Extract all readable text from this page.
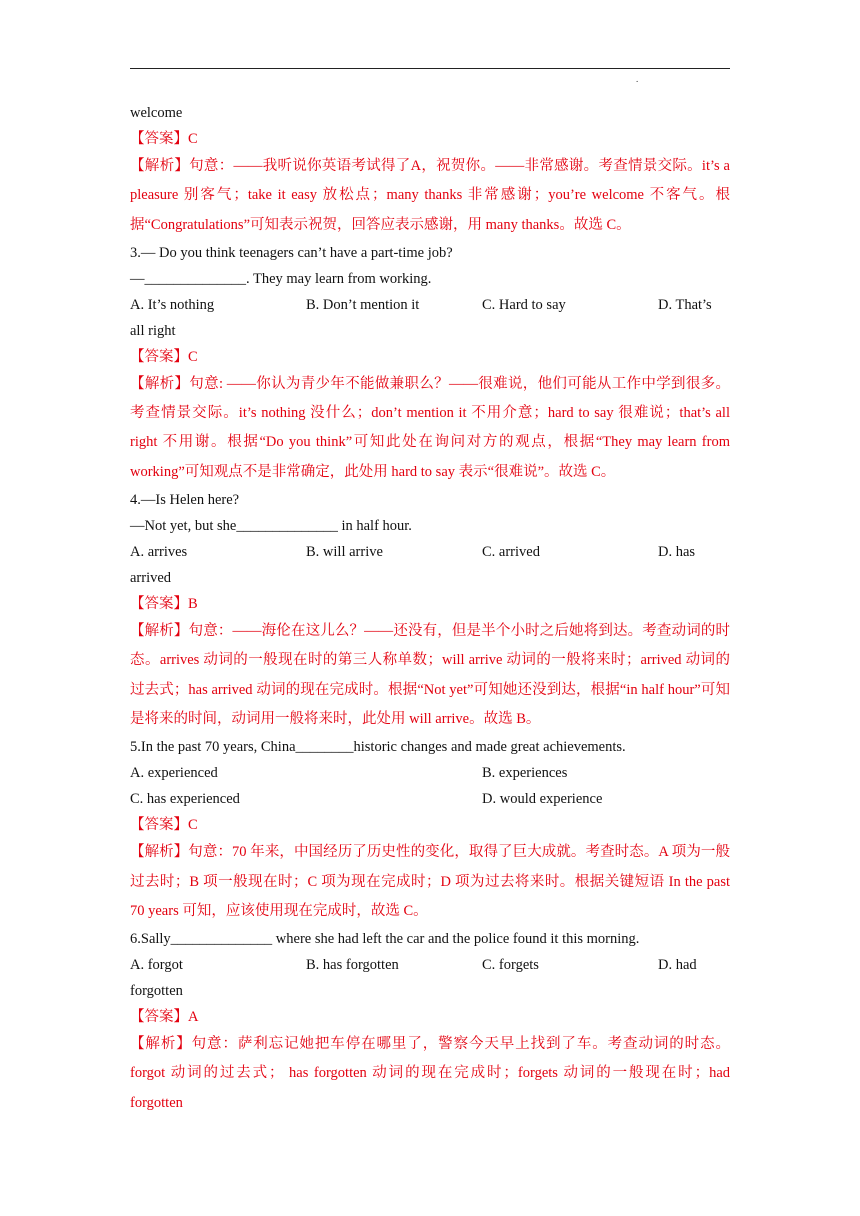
.
welcome
【答案】C
【解析】句意：——我听说你英语考试得了A，祝贺你。——非常感谢。考查情景交际。it’s a pleasure 别客气；take it easy 放松点；many thanks 非常感谢；you’re welcome 不客气。根据“Congratulations”可知表示祝贺，回答应表示感谢，用 many thanks。故选 C。
3.— Do you think teenagers can’t have a part-time job?
—______________. They may learn from working.
A. It’s nothing	B. Don’t mention it	C. Hard to say	D. That’s
all right
【答案】C
【解析】句意: ——你认为青少年不能做兼职么？——很难说，他们可能从工作中学到很多。考查情景交际。it’s nothing 没什么；don’t mention it 不用介意；hard to say 很难说；that’s all right 不用谢。根据“Do you think”可知此处在询问对方的观点，根据“They may learn from working”可知观点不是非常确定，此处用 hard to say 表示“很难说”。故选 C。
4.—Is Helen here?
—Not yet, but she______________ in half hour.
A. arrives	B. will arrive	C. arrived	D. has
arrived
【答案】B
【解析】句意：——海伦在这儿么？——还没有，但是半个小时之后她将到达。考查动词的时态。arrives 动词的一般现在时的第三人称单数；will arrive 动词的一般将来时；arrived 动词的过去式；has arrived 动词的现在完成时。根据“Not yet”可知她还没到达，根据“in half hour”可知是将来的时间，动词用一般将来时，此处用 will arrive。故选 B。
5.In the past 70 years, China________historic changes and made great achievements.
A. experienced	B. experiences
C. has experienced	D. would experience
【答案】C
【解析】句意：70 年来，中国经历了历史性的变化，取得了巨大成就。考查时态。A 项为一般过去时；B 项一般现在时；C 项为现在完成时；D 项为过去将来时。根据关键短语 In the past 70 years 可知，应该使用现在完成时，故选 C。
6.Sally______________ where she had left the car and the police found it this morning.
A. forgot	B. has forgotten	C. forgets	D. had
forgotten
【答案】A
【解析】句意：萨利忘记她把车停在哪里了，警察今天早上找到了车。考查动词的时态。forgot 动词的过去式； has forgotten 动词的现在完成时；forgets 动词的一般现在时；had forgotten
